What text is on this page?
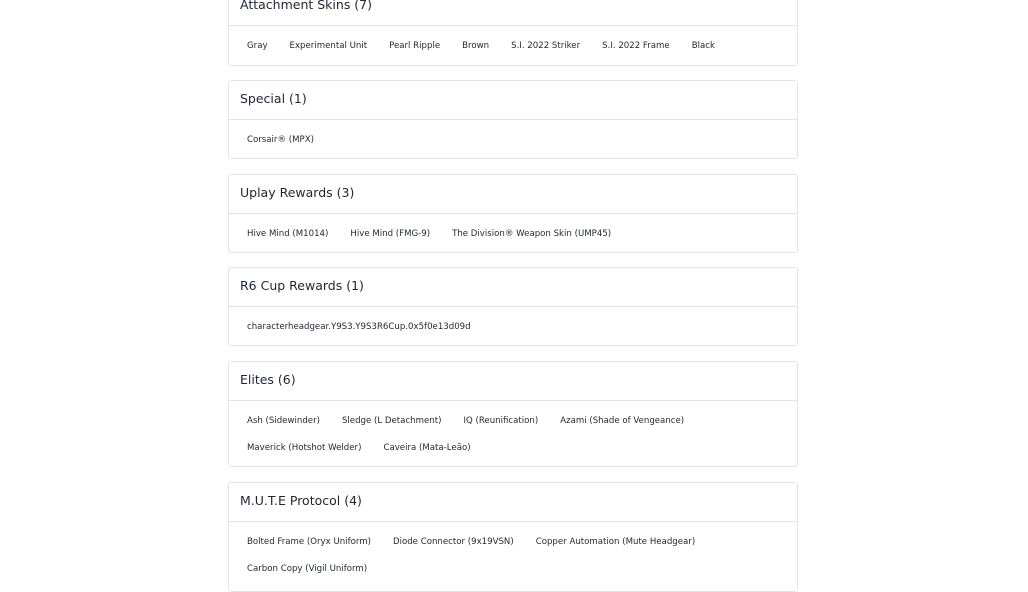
Attachment Skins (7)
Gray	Experimental Unit	Pearl Ripple	Brown	S.I. 2022 Striker	S.I. 2022 Frame	Black
Special (1)
Corsair® (MPX)
Uplay Rewards (3)
Hive Mind (M1014)	Hive Mind (FMG-9)	The Division® Weapon Skin (UMP45)
R6 Cup Rewards (1)
characterheadgear.Y9S3.Y9S3R6Cup.0x5f0e13d09d
Elites (6)
Ash (Sidewinder)	Sledge (L Detachment)	IQ (Reunification)	Azami (Shade of Vengeance)
Maverick (Hotshot Welder)	Caveira (Mata-Leão)
M.U.T.E Protocol (4)
Bolted Frame (Oryx Uniform)	Diode Connector (9x19VSN)	Copper Automation (Mute Headgear)
Carbon Copy (Vigil Uniform)
